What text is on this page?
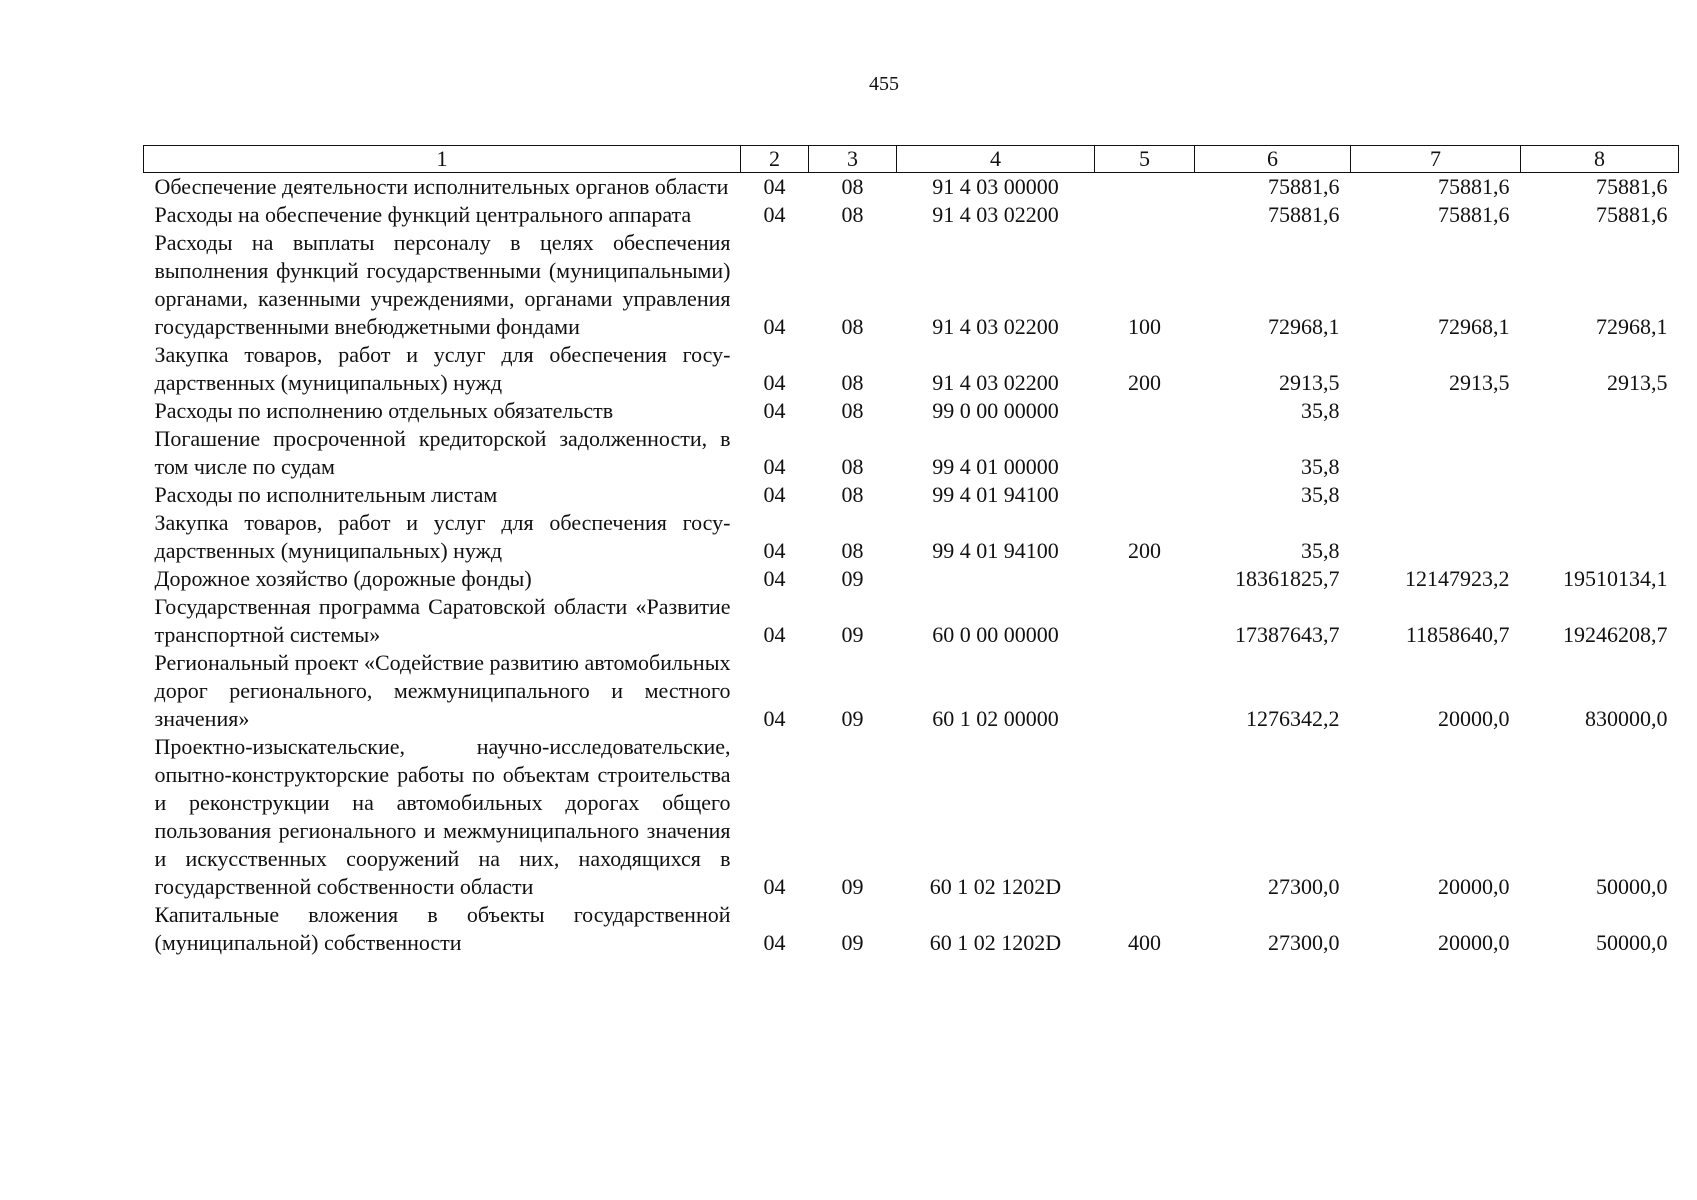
455
1	2	3	4	5	6	7	8
Обеспечение деятельности исполнительных органов области	04	08	91 4 03 00000		75881,6	75881,6	75881,6
Расходы на обеспечение функций центрального аппарата	04	08	91 4 03 02200		75881,6	75881,6	75881,6
Расходы на выплаты персоналу в целях обеспечения выполнения функций государственными (муниципальными) органами, казенными учреждениями, органами управления государственными внебюджетными фондами	04	08	91 4 03 02200	100	72968,1	72968,1	72968,1
Закупка товаров, работ и услуг для обеспечения государственных (муниципальных) нужд	04	08	91 4 03 02200	200	2913,5	2913,5	2913,5
Расходы по исполнению отдельных обязательств	04	08	99 0 00 00000		35,8		
Погашение просроченной кредиторской задолженности, в том числе по судам	04	08	99 4 01 00000		35,8		
Расходы по исполнительным листам	04	08	99 4 01 94100		35,8		
Закупка товаров, работ и услуг для обеспечения государственных (муниципальных) нужд	04	08	99 4 01 94100	200	35,8		
Дорожное хозяйство (дорожные фонды)	04	09			18361825,7	12147923,2	19510134,1
Государственная программа Саратовской области «Развитие транспортной системы»	04	09	60 0 00 00000		17387643,7	11858640,7	19246208,7
Региональный проект «Содействие развитию автомобильных дорог регионального, межмуниципального и местного значения»	04	09	60 1 02 00000		1276342,2	20000,0	830000,0
Проектно-изыскательские, научно-исследовательские, опытно-конструкторские работы по объектам строительства и реконструкции на автомобильных дорогах общего пользования регионального и межмуниципального значения и искусственных сооружений на них, находящихся в государственной собственности области	04	09	60 1 02 1202D		27300,0	20000,0	50000,0
Капитальные вложения в объекты государственной (муниципальной) собственности	04	09	60 1 02 1202D	400	27300,0	20000,0	50000,0
